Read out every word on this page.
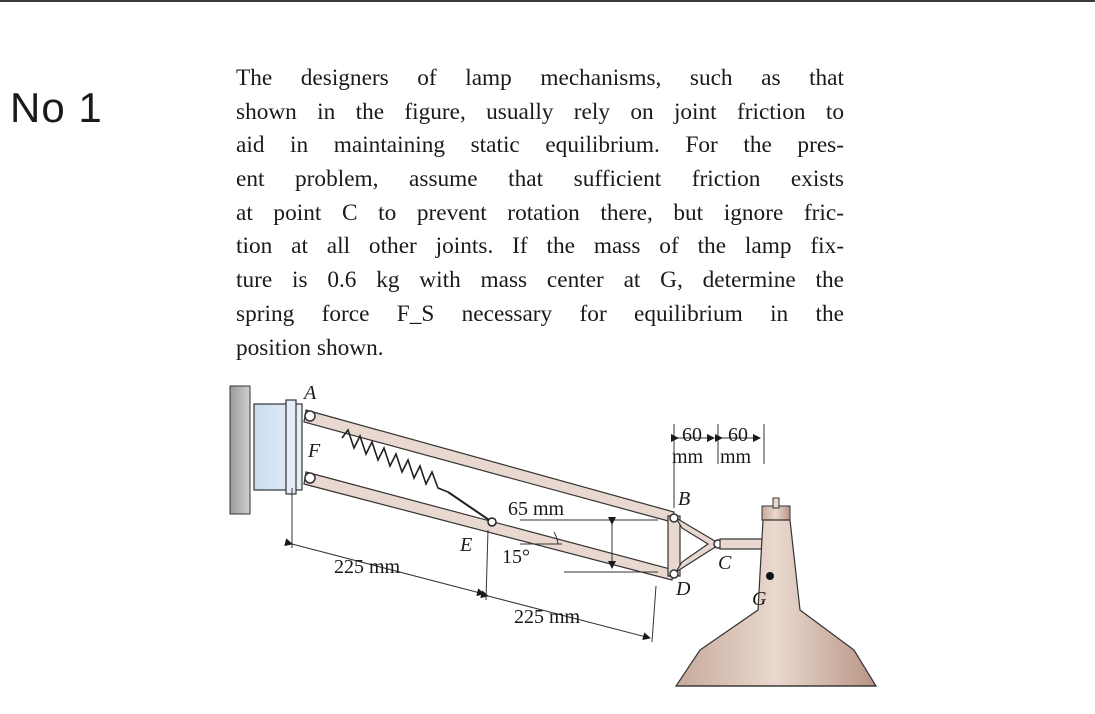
No 1
The designers of lamp mechanisms, such as that
shown in the figure, usually rely on joint friction to
aid in maintaining static equilibrium. For the pres-
ent problem, assume that sufficient friction exists
at point C to prevent rotation there, but ignore fric-
tion at all other joints. If the mass of the lamp fix-
ture is 0.6 kg with mass center at G, determine the
spring force F_S necessary for equilibrium in the
position shown.
A
F
E
B
C
D	G
60 60
mm mm
65 mm
15°
225 mm
225 mm
